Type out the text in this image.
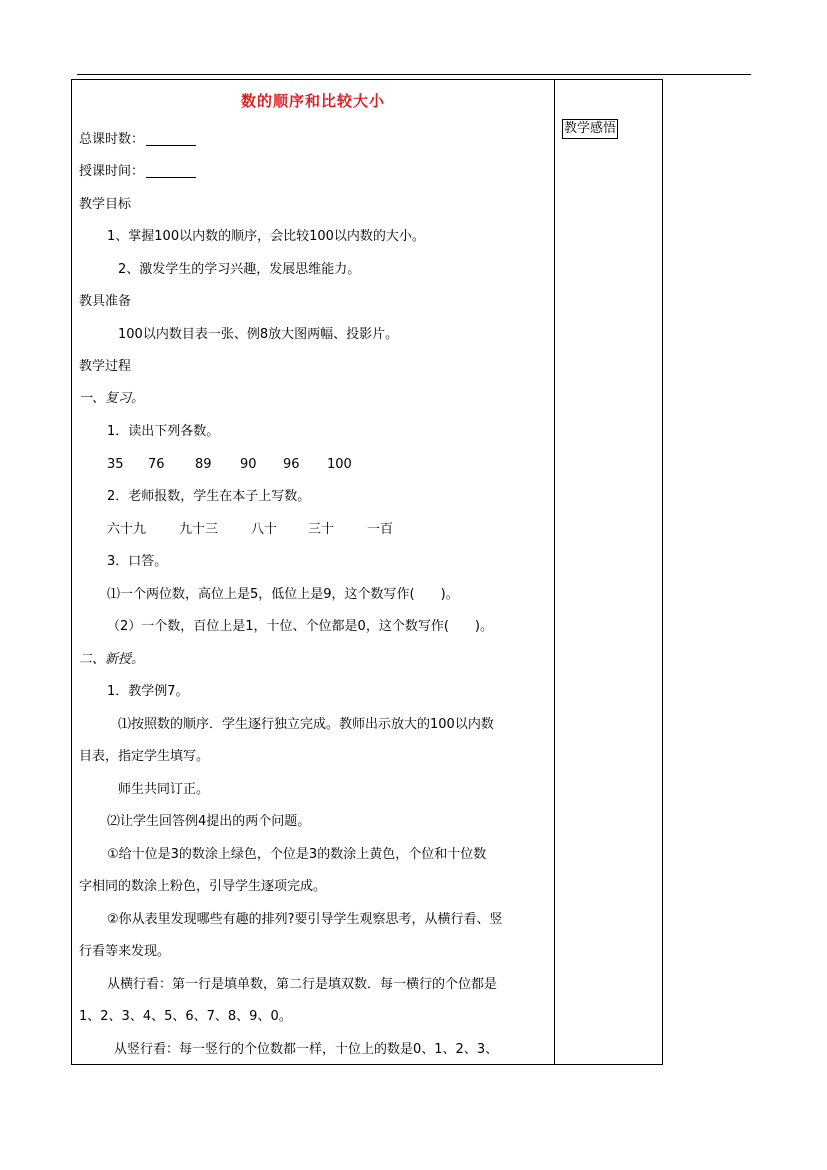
数的顺序和比较大小
总课时数：
授课时间：
教学目标
1、掌握100以内数的顺序，会比较100以内数的大小。
2、激发学生的学习兴趣，发展思维能力。
教具准备
100以内数目表一张、例8放大图两幅、投影片。
教学过程
一、复习。
1．读出下列各数。
35 76 89 90 96 100
2．老师报数，学生在本子上写数。
六十九	九十三	八十 三十	一百
3．口答。
⑴一个两位数，高位上是5，低位上是9，这个数写作(　　)。
（2）一个数，百位上是1，十位、个位都是0，这个数写作(　　)。
二、新授。
1．教学例7。
⑴按照数的顺序．学生逐行独立完成。教师出示放大的100以内数
目表，指定学生填写。
师生共同订正。
⑵让学生回答例4提出的两个问题。
①给十位是3的数涂上绿色，个位是3的数涂上黄色，个位和十位数
字相同的数涂上粉色，引导学生逐项完成。
②你从表里发现哪些有趣的排列?要引导学生观察思考，从横行看、竖
行看等来发现。
从横行看：第一行是填单数，第二行是填双数．每一横行的个位都是
1、2、3、4、5、6、7、8、9、0。
从竖行看：每一竖行的个位数都一样，十位上的数是0、1、2、3、
教学感悟
